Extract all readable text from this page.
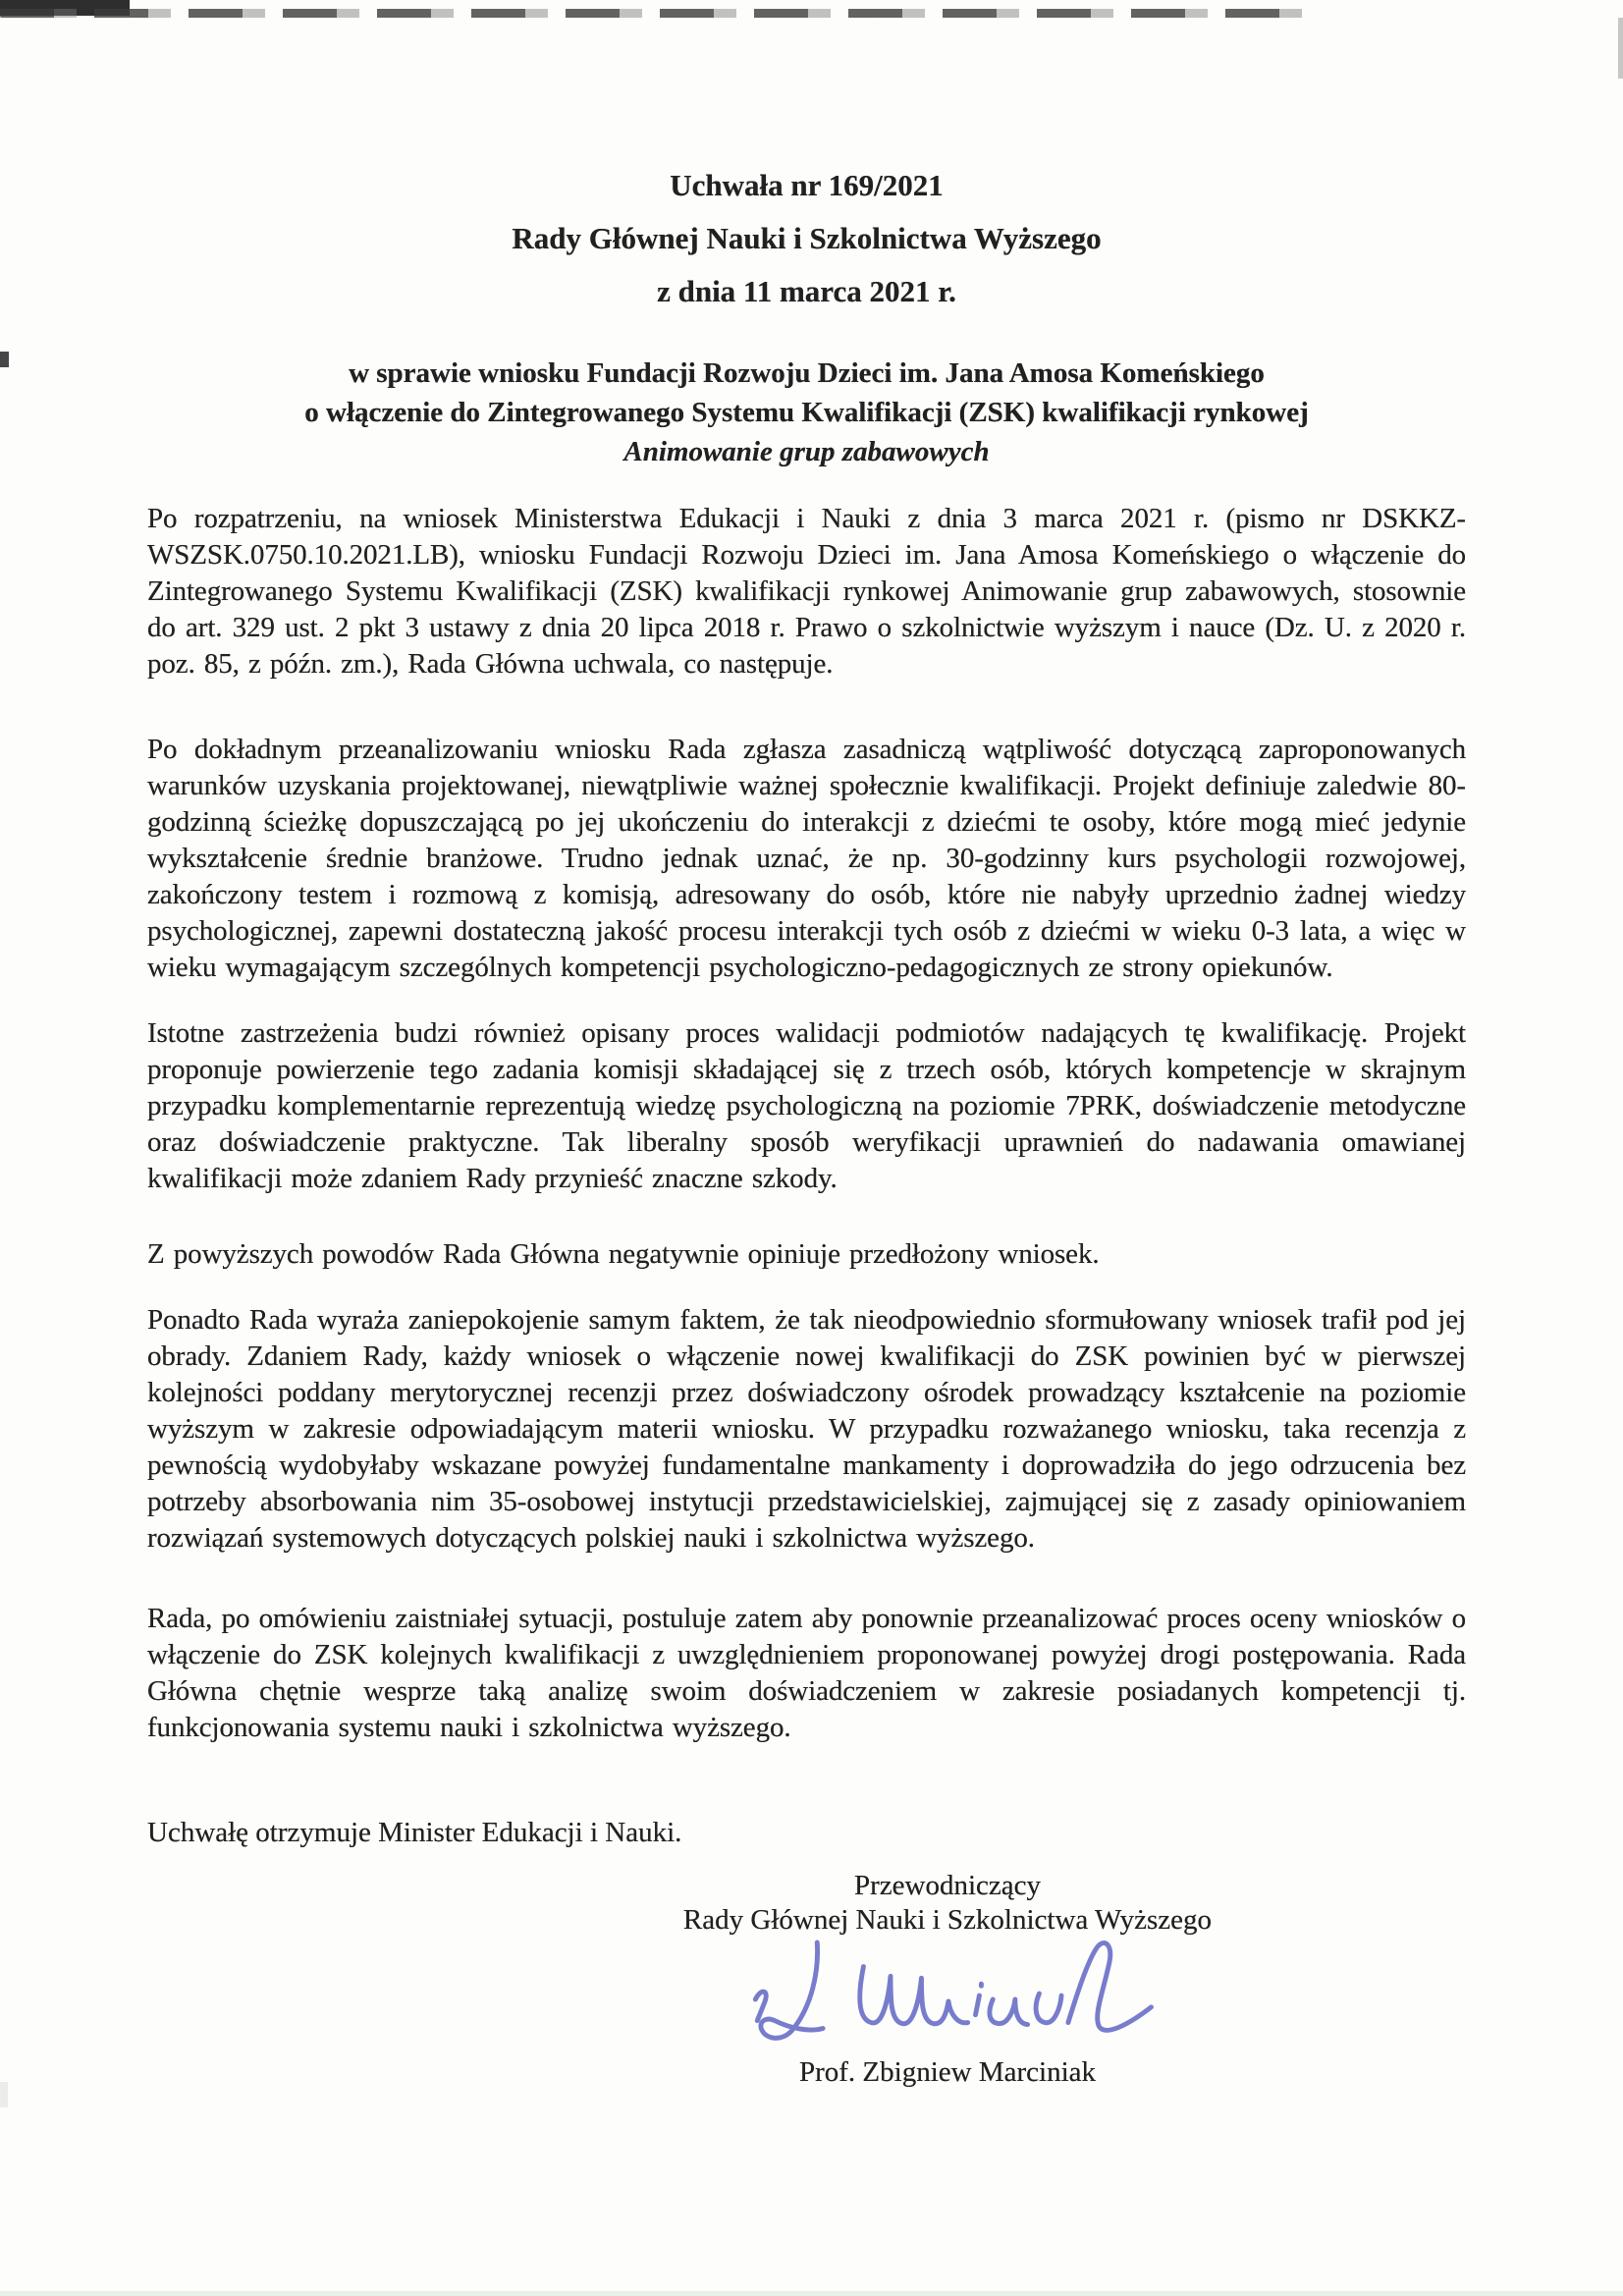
Uchwała nr 169/2021
Rady Głównej Nauki i Szkolnictwa Wyższego
z dnia 11 marca 2021 r.
w sprawie wniosku Fundacji Rozwoju Dzieci im. Jana Amosa Komeńskiego
o włączenie do Zintegrowanego Systemu Kwalifikacji (ZSK) kwalifikacji rynkowej
Animowanie grup zabawowych

Po rozpatrzeniu, na wniosek Ministerstwa Edukacji i Nauki z dnia 3 marca 2021 r. (pismo nr DSKKZ-WSZSK.0750.10.2021.LB), wniosku Fundacji Rozwoju Dzieci im. Jana Amosa Komeńskiego o włączenie do Zintegrowanego Systemu Kwalifikacji (ZSK) kwalifikacji rynkowej Animowanie grup zabawowych, stosownie do art. 329 ust. 2 pkt 3 ustawy z dnia 20 lipca 2018 r. Prawo o szkolnictwie wyższym i nauce (Dz. U. z 2020 r. poz. 85, z późn. zm.), Rada Główna uchwala, co następuje.

Po dokładnym przeanalizowaniu wniosku Rada zgłasza zasadniczą wątpliwość dotyczącą zaproponowanych warunków uzyskania projektowanej, niewątpliwie ważnej społecznie kwalifikacji. Projekt definiuje zaledwie 80-godzinną ścieżkę dopuszczającą po jej ukończeniu do interakcji z dziećmi te osoby, które mogą mieć jedynie wykształcenie średnie branżowe. Trudno jednak uznać, że np. 30-godzinny kurs psychologii rozwojowej, zakończony testem i rozmową z komisją, adresowany do osób, które nie nabyły uprzednio żadnej wiedzy psychologicznej, zapewni dostateczną jakość procesu interakcji tych osób z dziećmi w wieku 0-3 lata, a więc w wieku wymagającym szczególnych kompetencji psychologiczno-pedagogicznych ze strony opiekunów.

Istotne zastrzeżenia budzi również opisany proces walidacji podmiotów nadających tę kwalifikację. Projekt proponuje powierzenie tego zadania komisji składającej się z trzech osób, których kompetencje w skrajnym przypadku komplementarnie reprezentują wiedzę psychologiczną na poziomie 7PRK, doświadczenie metodyczne oraz doświadczenie praktyczne. Tak liberalny sposób weryfikacji uprawnień do nadawania omawianej kwalifikacji może zdaniem Rady przynieść znaczne szkody.

Z powyższych powodów Rada Główna negatywnie opiniuje przedłożony wniosek.

Ponadto Rada wyraża zaniepokojenie samym faktem, że tak nieodpowiednio sformułowany wniosek trafił pod jej obrady. Zdaniem Rady, każdy wniosek o włączenie nowej kwalifikacji do ZSK powinien być w pierwszej kolejności poddany merytorycznej recenzji przez doświadczony ośrodek prowadzący kształcenie na poziomie wyższym w zakresie odpowiadającym materii wniosku. W przypadku rozważanego wniosku, taka recenzja z pewnością wydobyłaby wskazane powyżej fundamentalne mankamenty i doprowadziła do jego odrzucenia bez potrzeby absorbowania nim 35-osobowej instytucji przedstawicielskiej, zajmującej się z zasady opiniowaniem rozwiązań systemowych dotyczących polskiej nauki i szkolnictwa wyższego.

Rada, po omówieniu zaistniałej sytuacji, postuluje zatem aby ponownie przeanalizować proces oceny wniosków o włączenie do ZSK kolejnych kwalifikacji z uwzględnieniem proponowanej powyżej drogi postępowania. Rada Główna chętnie wesprze taką analizę swoim doświadczeniem w zakresie posiadanych kompetencji tj. funkcjonowania systemu nauki i szkolnictwa wyższego.

Uchwałę otrzymuje Minister Edukacji i Nauki.

Przewodniczący
Rady Głównej Nauki i Szkolnictwa Wyższego
Prof. Zbigniew Marciniak
